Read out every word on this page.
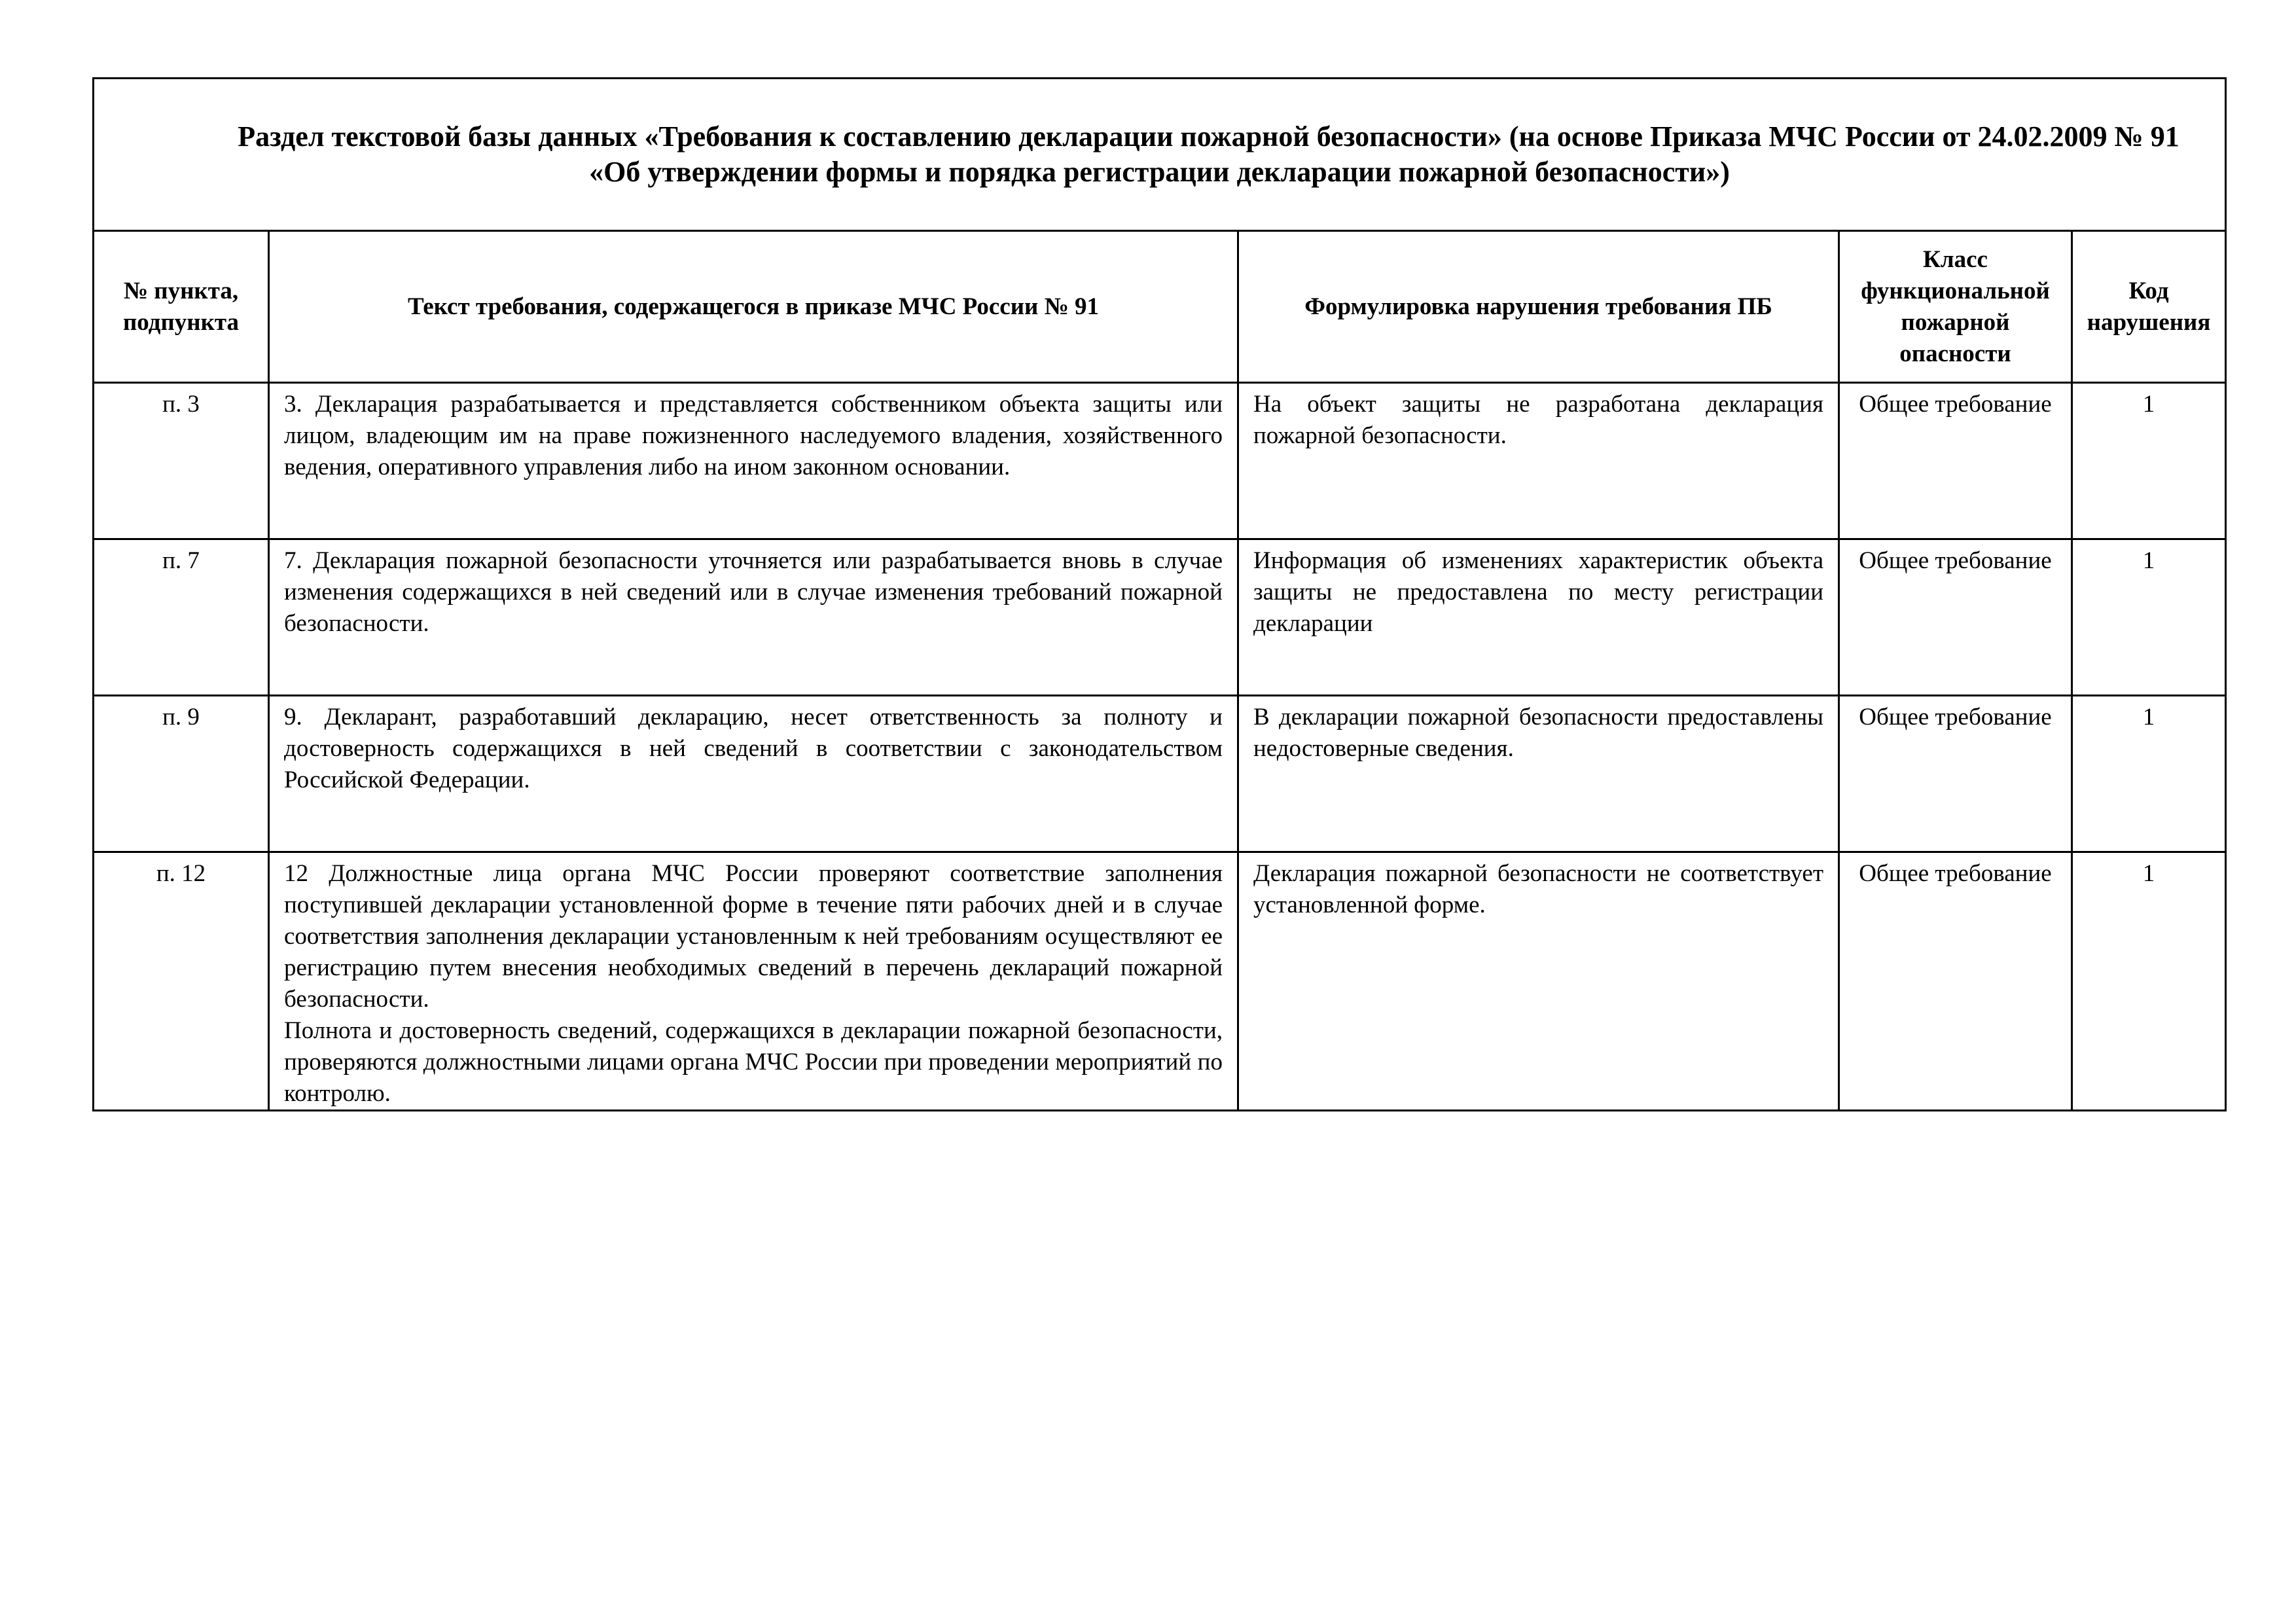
Раздел текстовой базы данных «Требования к составлению декларации пожарной безопасности» (на основе Приказа МЧС России от 24.02.2009 № 91 «Об утверждении формы и порядка регистрации декларации пожарной безопасности»)				

№ пункта, подпункта	Текст требования, содержащегося в приказе МЧС России № 91	Формулировка нарушения требования ПБ	Класс функциональной пожарной опасности	Код нарушения
п. 3	3. Декларация разрабатывается и представляется собственником объекта защиты или лицом, владеющим им на праве пожизненного наследуемого владения, хозяйственного ведения, оперативного управления либо на ином законном основании.	На объект защиты не разработана декларация пожарной безопасности.	Общее требование	1
п. 7	7. Декларация пожарной безопасности уточняется или разрабатывается вновь в случае изменения содержащихся в ней сведений или в случае изменения требований пожарной безопасности.	Информация об изменениях характеристик объекта защиты не предоставлена по месту регистрации декларации	Общее требование	1
п. 9	9. Декларант, разработавший декларацию, несет ответственность за полноту и достоверность содержащихся в ней сведений в соответствии с законодательством Российской Федерации.	В декларации пожарной безопасности предоставлены недостоверные сведения.	Общее требование	1
п. 12	12 Должностные лица органа МЧС России проверяют соответствие заполнения поступившей декларации установленной форме в течение пяти рабочих дней и в случае соответствия заполнения декларации установленным к ней требованиям осуществляют ее регистрацию путем внесения необходимых сведений в перечень деклараций пожарной безопасности.
Полнота и достоверность сведений, содержащихся в декларации пожарной безопасности, проверяются должностными лицами органа МЧС России при проведении мероприятий по контролю.	Декларация пожарной безопасности не соответствует установленной форме.	Общее требование	1
